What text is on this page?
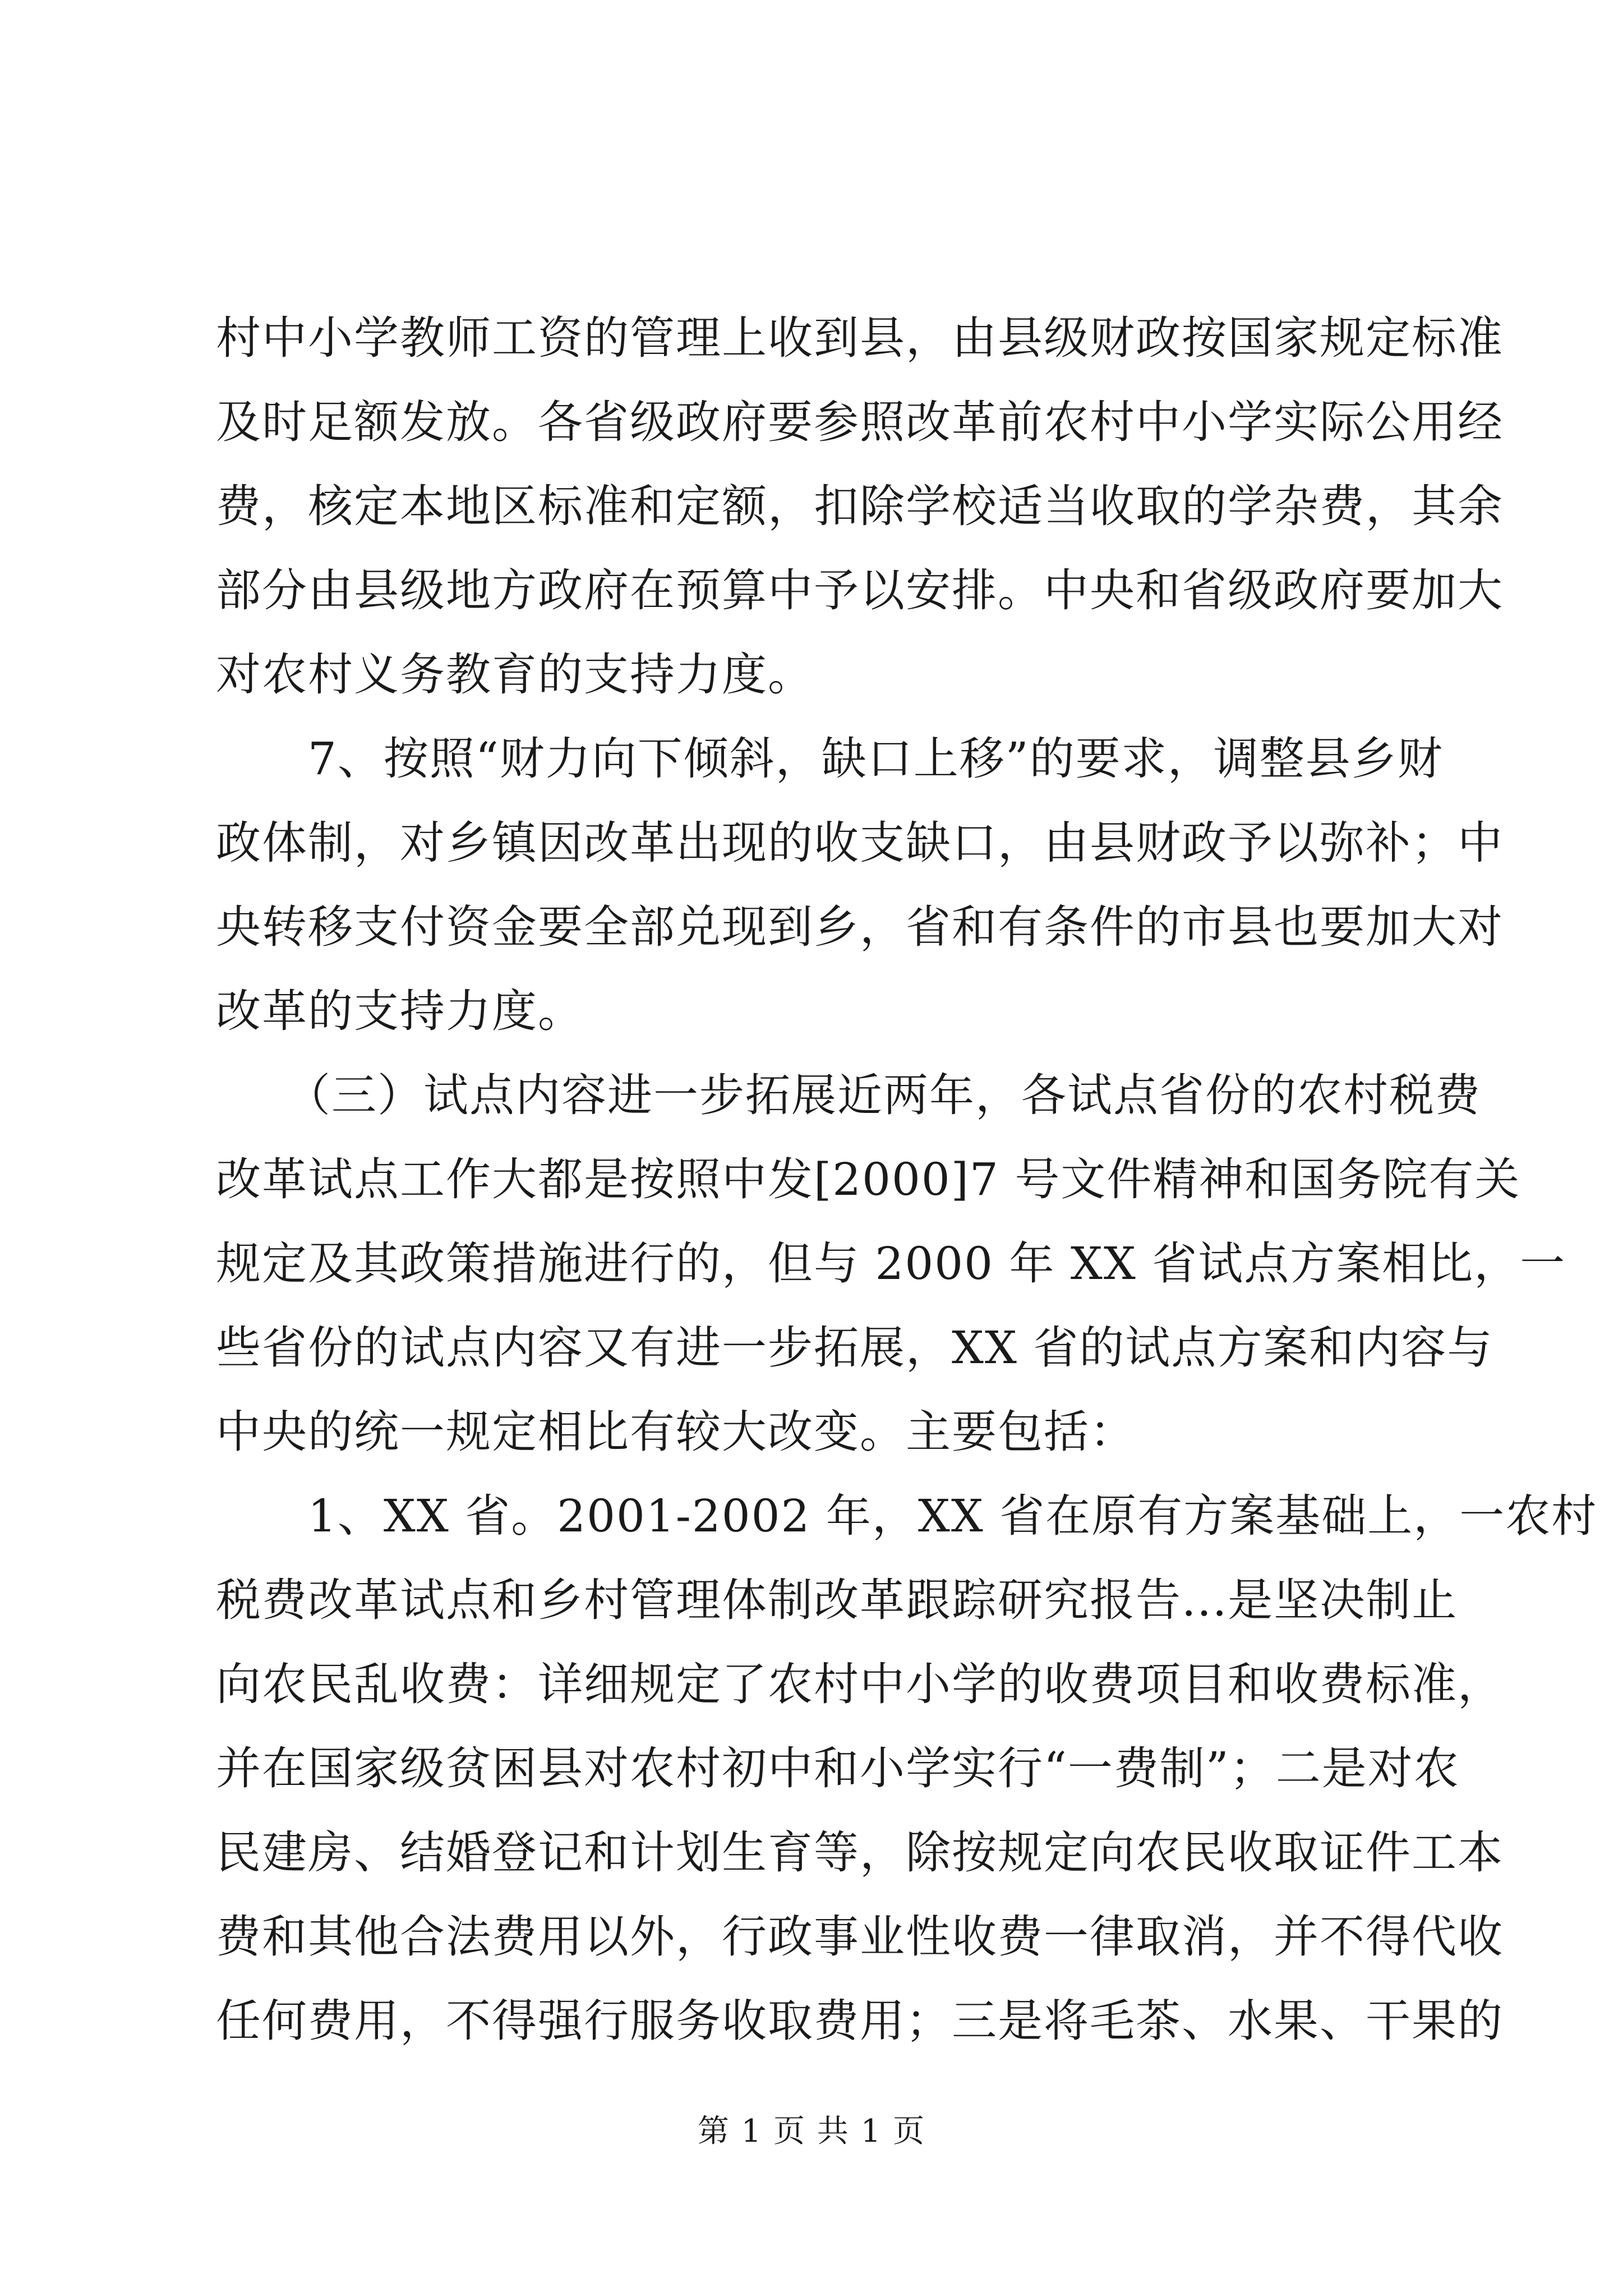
村中小学教师工资的管理上收到县，由县级财政按国家规定标准
及时足额发放。各省级政府要参照改革前农村中小学实际公用经
费，核定本地区标准和定额，扣除学校适当收取的学杂费，其余
部分由县级地方政府在预算中予以安排。中央和省级政府要加大
对农村义务教育的支持力度。
　　7、按照“财力向下倾斜，缺口上移”的要求，调整县乡财
政体制，对乡镇因改革出现的收支缺口，由县财政予以弥补；中
央转移支付资金要全部兑现到乡，省和有条件的市县也要加大对
改革的支持力度。
　　（三）试点内容进一步拓展近两年，各试点省份的农村税费
改革试点工作大都是按照中发[2000]7 号文件精神和国务院有关
规定及其政策措施进行的，但与 2000 年 XX 省试点方案相比，一
些省份的试点内容又有进一步拓展，XX 省的试点方案和内容与
中央的统一规定相比有较大改变。主要包括：
　　1、XX 省。2001-2002 年，XX 省在原有方案基础上，一农村
税费改革试点和乡村管理体制改革跟踪研究报告...是坚决制止
向农民乱收费：详细规定了农村中小学的收费项目和收费标准，
并在国家级贫困县对农村初中和小学实行“一费制”；二是对农
民建房、结婚登记和计划生育等，除按规定向农民收取证件工本
费和其他合法费用以外，行政事业性收费一律取消，并不得代收
任何费用，不得强行服务收取费用；三是将毛茶、水果、干果的
第 1 页 共 1 页
